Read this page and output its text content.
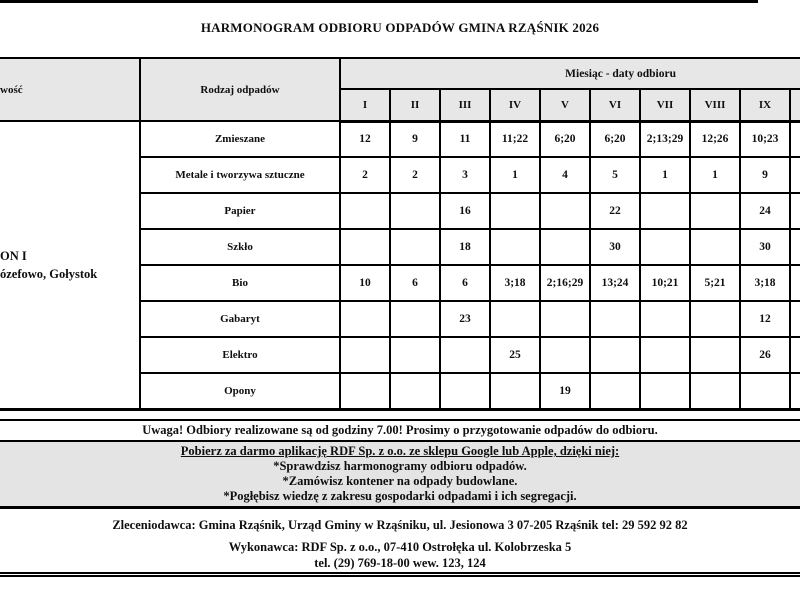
HARMONOGRAM ODBIORU ODPADÓW GMINA RZĄŚNIK 2026
wość	Rodzaj odpadów	Miesiąc - daty odbioru									
		I	II	III	IV	V	VI	VII	VIII	IX	

ON I
ózefowo, Gołystok	Zmieszane	12	9	11	11;22	6;20	6;20	2;13;29	12;26	10;23	
	Metale i tworzywa sztuczne	2	2	3	1	4	5	1	1	9	
	Papier			16			22			24	
	Szkło			18			30			30	
	Bio	10	6	6	3;18	2;16;29	13;24	10;21	5;21	3;18	
	Gabaryt			23						12	
	Elektro				25					26	
	Opony					19					
Uwaga! Odbiory realizowane są od godziny 7.00! Prosimy o przygotowanie odpadów do odbioru.
Pobierz za darmo aplikację RDF Sp. z o.o. ze sklepu Google lub Apple, dzięki niej:
*Sprawdzisz harmonogramy odbioru odpadów.
*Zamówisz kontener na odpady budowlane.
*Pogłębisz wiedzę z zakresu gospodarki odpadami i ich segregacji.
Zleceniodawca: Gmina Rząśnik, Urząd Gminy w Rząśniku, ul. Jesionowa 3 07-205 Rząśnik tel: 29 592 92 82
Wykonawca: RDF Sp. z o.o., 07-410 Ostrołęka ul. Kolobrzeska 5
tel. (29) 769-18-00 wew. 123, 124
